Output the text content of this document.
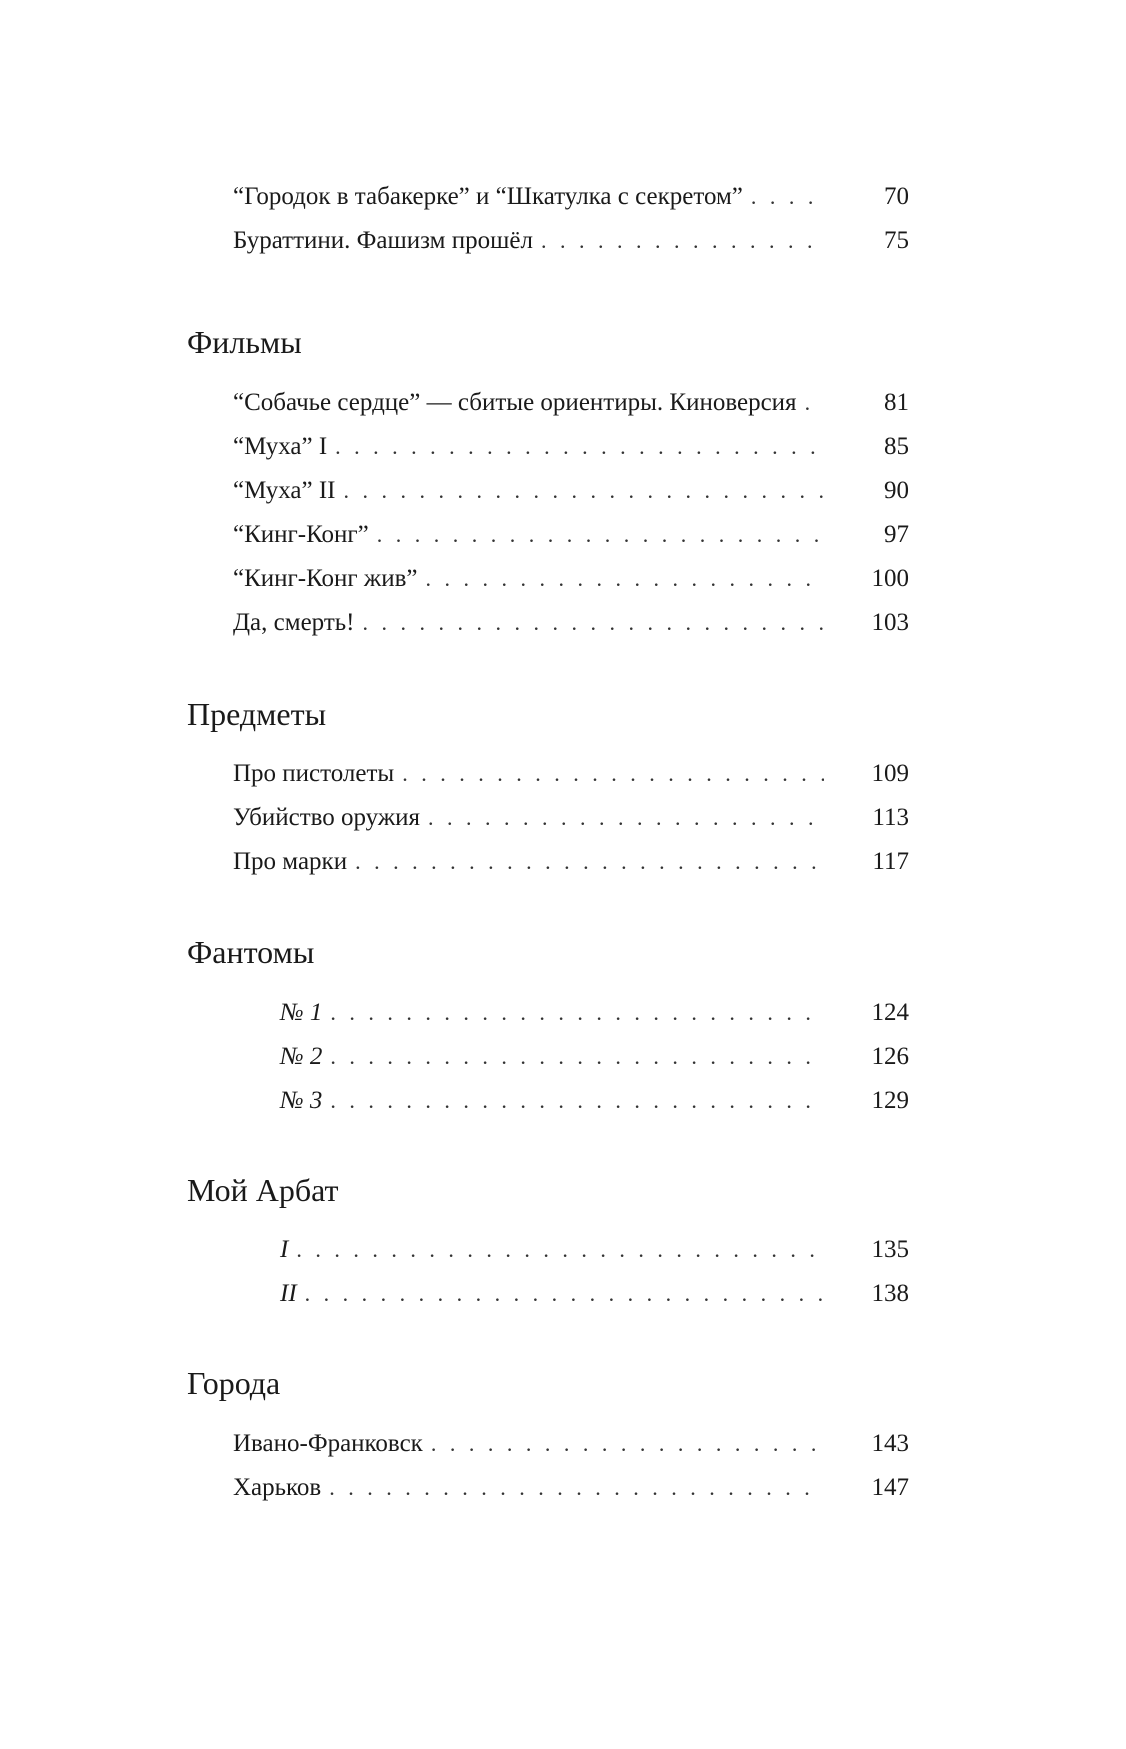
“Городок в табакерке” и “Шкатулка с секретом” . . .	70
Бураттини. Фашизм прошёл . . .	75
Фильмы
“Собачье сердце” — сбитые ориентиры. Киноверсия . . .	81
“Муха” I . . .	85
“Муха” II . . .	90
“Кинг-Конг” . . .	97
“Кинг-Конг жив” . . .	100
Да, смерть! . . .	103
Предметы
Про пистолеты . . .	109
Убийство оружия . . .	113
Про марки . . .	117
Фантомы
№ 1 . . .	124
№ 2 . . .	126
№ 3 . . .	129
Мой Арбат
I . . .	135
II . . .	138
Города
Ивано-Франковск . . .	143
Харьков . . .	147
